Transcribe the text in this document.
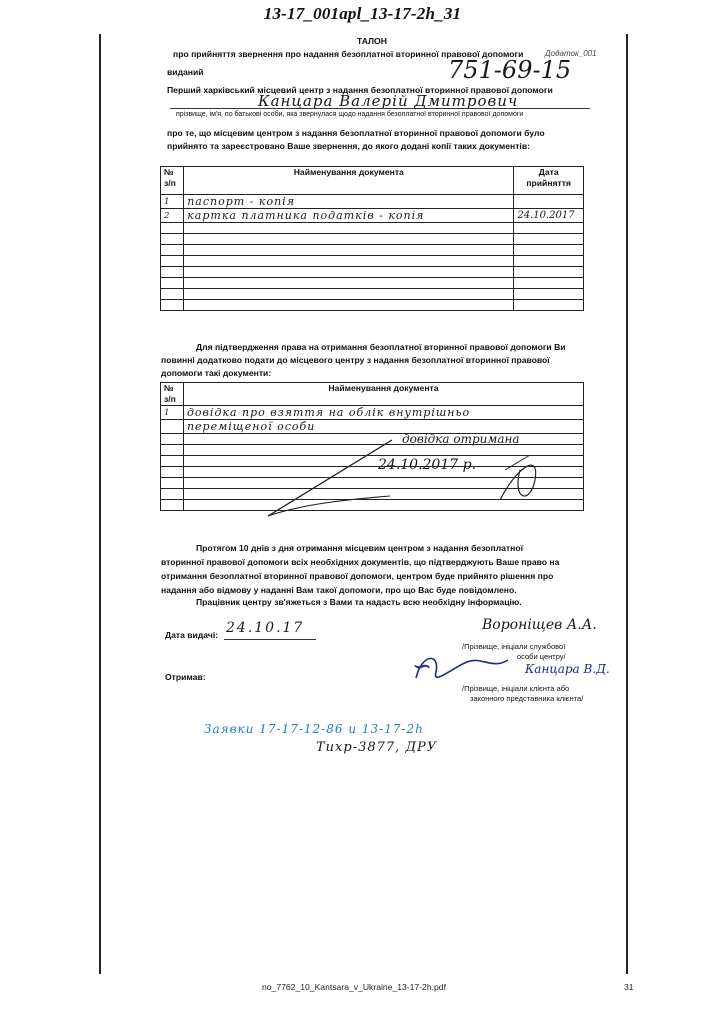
13-17_001apl_13-17-2h_31
ТАЛОН
про прийняття звернення про надання безоплатної вторинної правової допомоги	Додаток_001
виданий	751-69-15
Перший харківський місцевий центр з надання безоплатної вторинної правової допомоги
Канцара Валерій Дмитрович
прізвище, ім'я, по батькові особи, яка звернулася щодо надання безоплатної вторинної правової допомоги
про те, що місцевим центром з надання безоплатної вторинної правової допомоги було
прийнято та зареєстровано Ваше звернення, до якого додані копії таких документів:
№
з/п	Найменування документа	Дата
прийняття
1	паспорт - копія	
2	картка платника податків - копія	24.10.2017

Для підтвердження права на отримання безоплатної вторинної правової допомоги Ви
повинні додатково подати до місцевого центру з надання безоплатної вторинної правової
допомоги такі документи:
№
з/п	Найменування документа
1	довідка про взяття на облік внутрішньо
	переміщеної особи

довідка отримана
24.10.2017 р.
Протягом 10 днів з дня отримання місцевим центром з надання безоплатної
вторинної правової допомоги всіх необхідних документів, що підтверджують Ваше право на
отримання безоплатної вторинної правової допомоги, центром буде прийнято рішення про
надання або відмову у наданні Вам такої допомоги, про що Вас буде повідомлено.
Працівник центру зв'яжеться з Вами та надасть всю необхідну інформацію.
Дата видачі: 24.10.17	Вороніщев А.А.
/Прізвище, ініціали службової
особи центру/
Отримав:	∽	Канцара В.Д.
/Прізвище, ініціали клієнта або
законного представника клієнта/
Заявки 17-17-12-86 и 13-17-2h
Тихр-3877, ДРУ
no_7762_10_Kantsara_v_Ukraine_13-17-2h.pdf	31
